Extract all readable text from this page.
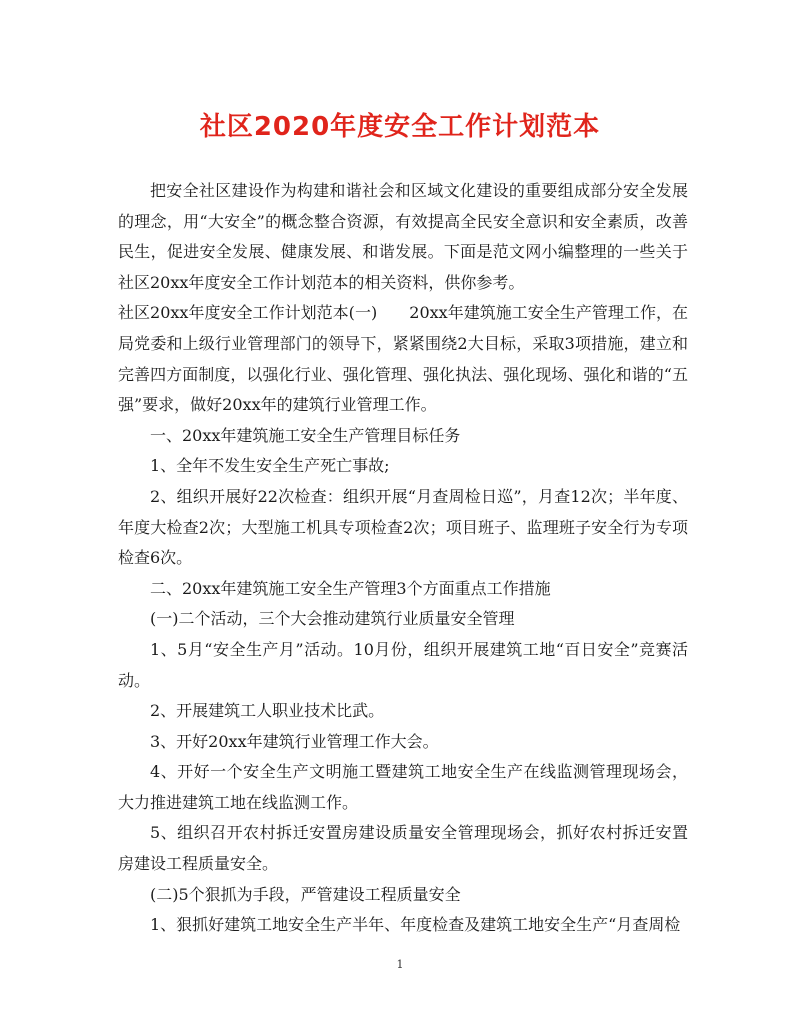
社区2020年度安全工作计划范本

把安全社区建设作为构建和谐社会和区域文化建设的重要组成部分安全发展的理念，用“大安全”的概念整合资源，有效提高全民安全意识和安全素质，改善民生，促进安全发展、健康发展、和谐发展。下面是范文网小编整理的一些关于社区20xx年度安全工作计划范本的相关资料，供你参考。

社区20xx年度安全工作计划范本(一)　　20xx年建筑施工安全生产管理工作，在局党委和上级行业管理部门的领导下，紧紧围绕2大目标，采取3项措施，建立和完善四方面制度，以强化行业、强化管理、强化执法、强化现场、强化和谐的“五强”要求，做好20xx年的建筑行业管理工作。

一、20xx年建筑施工安全生产管理目标任务

1、全年不发生安全生产死亡事故;

2、组织开展好22次检查：组织开展“月查周检日巡”，月查12次；半年度、年度大检查2次；大型施工机具专项检查2次；项目班子、监理班子安全行为专项检查6次。

二、20xx年建筑施工安全生产管理3个方面重点工作措施

(一)二个活动，三个大会推动建筑行业质量安全管理

1、5月“安全生产月”活动。10月份，组织开展建筑工地“百日安全”竞赛活动。

2、开展建筑工人职业技术比武。

3、开好20xx年建筑行业管理工作大会。

4、开好一个安全生产文明施工暨建筑工地安全生产在线监测管理现场会，大力推进建筑工地在线监测工作。

5、组织召开农村拆迁安置房建设质量安全管理现场会，抓好农村拆迁安置房建设工程质量安全。

(二)5个狠抓为手段，严管建设工程质量安全

1、狠抓好建筑工地安全生产半年、年度检查及建筑工地安全生产“月查周检

1
